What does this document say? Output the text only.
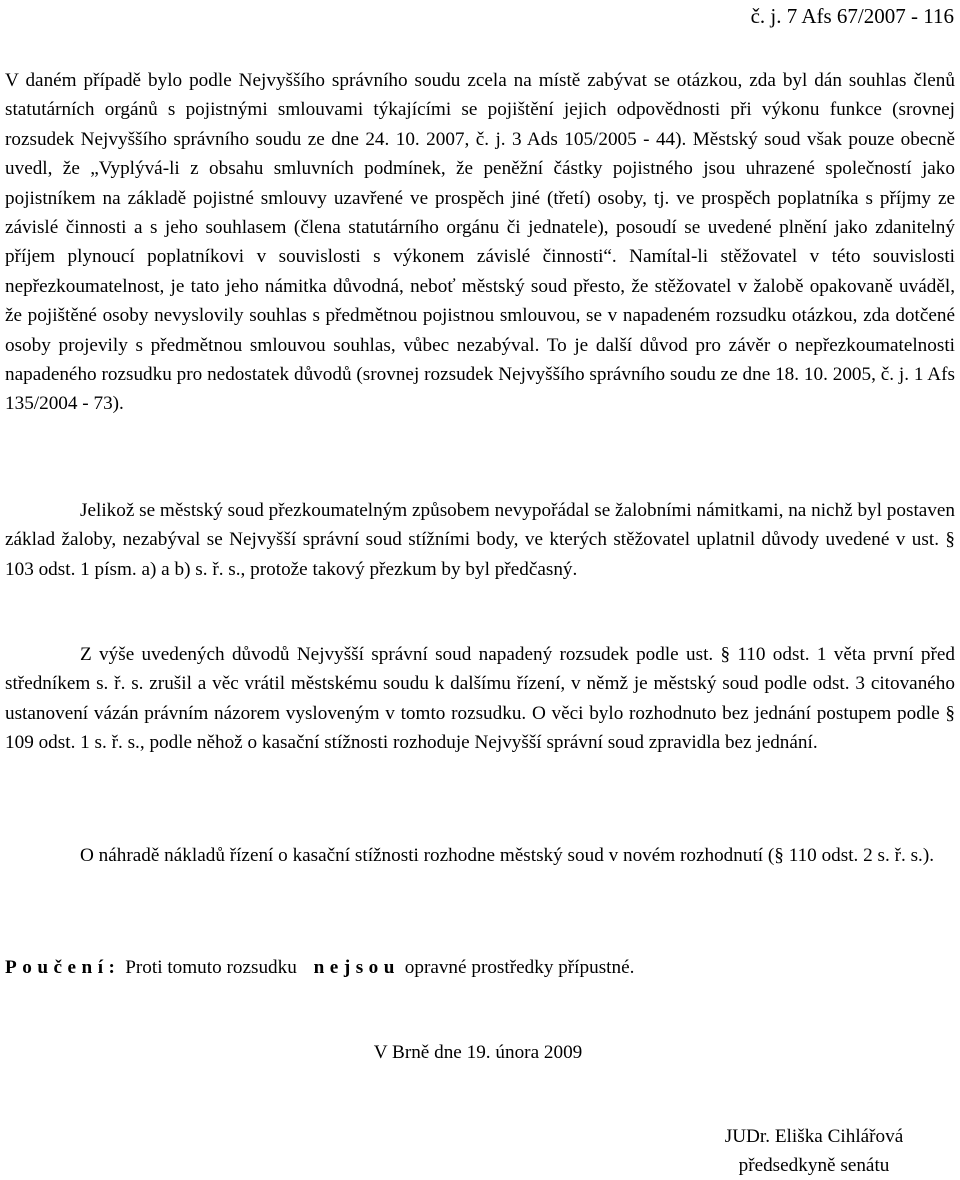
č. j. 7 Afs 67/2007 - 116

V daném případě bylo podle Nejvyššího správního soudu zcela na místě zabývat se otázkou, zda byl dán souhlas členů statutárních orgánů s pojistnými smlouvami týkajícími se pojištění jejich odpovědnosti při výkonu funkce (srovnej rozsudek Nejvyššího správního soudu ze dne 24. 10. 2007, č. j. 3 Ads 105/2005 - 44). Městský soud však pouze obecně uvedl, že „Vyplývá-li z obsahu smluvních podmínek, že peněžní částky pojistného jsou uhrazené společností jako pojistníkem na základě pojistné smlouvy uzavřené ve prospěch jiné (třetí) osoby, tj. ve prospěch poplatníka s příjmy ze závislé činnosti a s jeho souhlasem (člena statutárního orgánu či jednatele), posoudí se uvedené plnění jako zdanitelný příjem plynoucí poplatníkovi v souvislosti s výkonem závislé činnosti“. Namítal-li stěžovatel v této souvislosti nepřezkoumatelnost, je tato jeho námitka důvodná, neboť městský soud přesto, že stěžovatel v žalobě opakovaně uváděl, že pojištěné osoby nevyslovily souhlas s předmětnou pojistnou smlouvou, se v napadeném rozsudku otázkou, zda dotčené osoby projevily s předmětnou smlouvou souhlas, vůbec nezabýval. To je další důvod pro závěr o nepřezkoumatelnosti napadeného rozsudku pro nedostatek důvodů (srovnej rozsudek Nejvyššího správního soudu ze dne 18. 10. 2005, č. j. 1 Afs 135/2004 - 73).

Jelikož se městský soud přezkoumatelným způsobem nevypořádal se žalobními námitkami, na nichž byl postaven základ žaloby, nezabýval se Nejvyšší správní soud stížními body, ve kterých stěžovatel uplatnil důvody uvedené v ust. § 103 odst. 1 písm. a) a b) s. ř. s., protože takový přezkum by byl předčasný.

Z výše uvedených důvodů Nejvyšší správní soud napadený rozsudek podle ust. § 110 odst. 1 věta první před středníkem s. ř. s. zrušil a věc vrátil městskému soudu k dalšímu řízení, v němž je městský soud podle odst. 3 citovaného ustanovení vázán právním názorem vysloveným v tomto rozsudku. O věci bylo rozhodnuto bez jednání postupem podle § 109 odst. 1 s. ř. s., podle něhož o kasační stížnosti rozhoduje Nejvyšší správní soud zpravidla bez jednání.

O náhradě nákladů řízení o kasační stížnosti rozhodne městský soud v novém rozhodnutí (§ 110 odst. 2 s. ř. s.).

Poučení: Proti tomuto rozsudku nejsou opravné prostředky přípustné.
V Brně dne 19. února 2009
JUDr. Eliška Cihlářová
předsedkyně senátu
